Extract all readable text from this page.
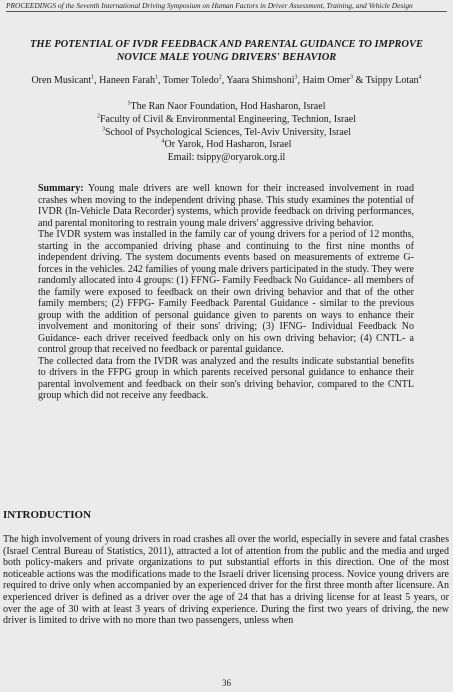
PROCEEDINGS of the Seventh International Driving Symposium on Human Factors in Driver Assessment, Training, and Vehicle Design
THE POTENTIAL OF IVDR FEEDBACK AND PARENTAL GUIDANCE TO IMPROVE
NOVICE MALE YOUNG DRIVERS' BEHAVIOR
Oren Musicant$^1$, Haneen Farah$^1$, Tomer Toledo$^2$, Yaara Shimshoni$^3$, Haim Omer$^3$ & Tsippy Lotan$^4$
$^1$The Ran Naor Foundation, Hod Hasharon, Israel
$^2$Faculty of Civil & Environmental Engineering, Technion, Israel
$^3$School of Psychological Sciences, Tel-Aviv University, Israel
$^4$Or Yarok, Hod Hasharon, Israel
Email: tsippy@oryarok.org.il

Summary: Young male drivers are well known for their increased involvement in road crashes when moving to the independent driving phase. This study examines the potential of IVDR (In-Vehicle Data Recorder) systems, which provide feedback on driving performances, and parental monitoring to restrain young male drivers' aggressive driving behavior.

The IVDR system was installed in the family car of young drivers for a period of 12 months, starting in the accompanied driving phase and continuing to the first nine months of independent driving. The system documents events based on measurements of extreme G-forces in the vehicles. 242 families of young male drivers participated in the study. They were randomly allocated into 4 groups: (1) FFNG- Family Feedback No Guidance- all members of the family were exposed to feedback on their own driving behavior and that of the other family members; (2) FFPG- Family Feedback Parental Guidance - similar to the previous group with the addition of personal guidance given to parents on ways to enhance their involvement and monitoring of their sons' driving; (3) IFNG- Individual Feedback No Guidance- each driver received feedback only on his own driving behavior; (4) CNTL- a control group that received no feedback or parental guidance.

The collected data from the IVDR was analyzed and the results indicate substantial benefits to drivers in the FFPG group in which parents received personal guidance to enhance their parental involvement and feedback on their son's driving behavior, compared to the CNTL group which did not receive any feedback.

INTRODUCTION
The high involvement of young drivers in road crashes all over the world, especially in severe and fatal crashes (Israel Central Bureau of Statistics, 2011), attracted a lot of attention from the public and the media and urged both policy-makers and private organizations to put substantial efforts in this direction. One of the most noticeable actions was the modifications made to the Israeli driver licensing process. Novice young drivers are required to drive only when accompanied by an experienced driver for the first three month after licensure. An experienced driver is defined as a driver over the age of 24 that has a driving license for at least 5 years, or over the age of 30 with at least 3 years of driving experience. During the first two years of driving, the new driver is limited to drive with no more than two passengers, unless when
36
